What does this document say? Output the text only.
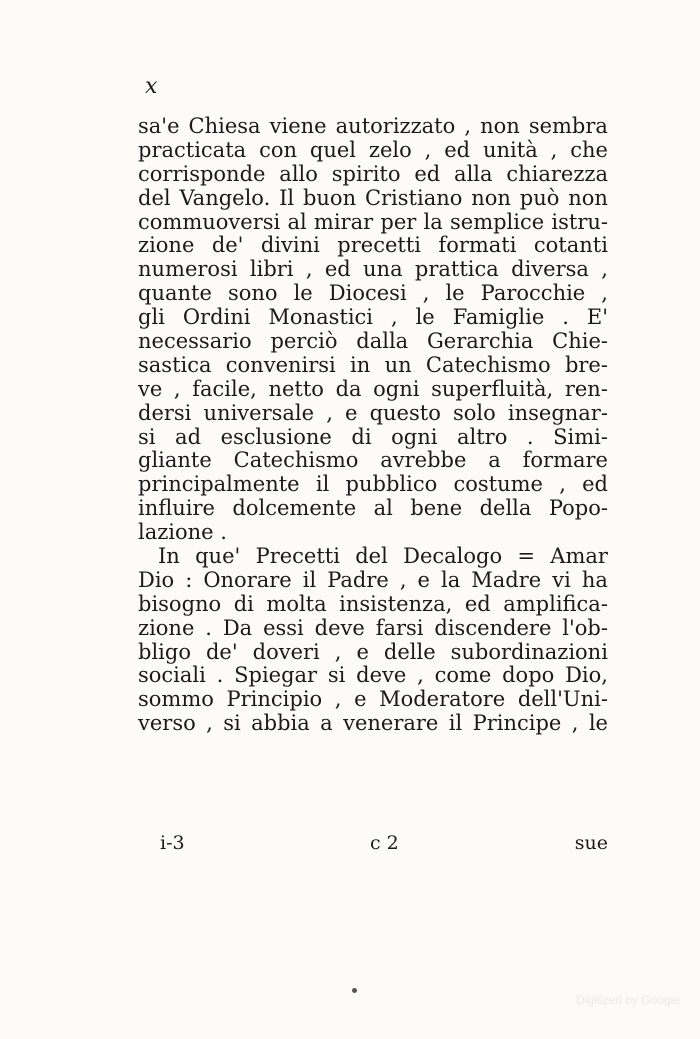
x
sa'e Chiesa viene autorizzato , non sembra
practicata con quel zelo , ed unità , che
corrisponde allo spirito ed alla chiarezza
del Vangelo. Il buon Cristiano non può non
commuoversi al mirar per la semplice istru-
zione de' divini precetti formati cotanti
numerosi libri , ed una prattica diversa ,
quante sono le Diocesi , le Parocchie ,
gli Ordini Monastici , le Famiglie . E'
necessario perciò dalla Gerarchia Chie-
sastica convenirsi in un Catechismo bre-
ve , facile, netto da ogni superfluità, ren-
dersi universale , e questo solo insegnar-
si ad esclusione di ogni altro . Simi-
gliante Catechismo avrebbe a formare
principalmente il pubblico costume , ed
influire dolcemente al bene della Popo-
lazione .
In que' Precetti del Decalogo = Amar
Dio : Onorare il Padre , e la Madre vi ha
bisogno di molta insistenza, ed amplifica-
zione . Da essi deve farsi discendere l'ob-
bligo de' doveri , e delle subordinazioni
sociali . Spiegar si deve , come dopo Dio,
sommo Principio , e Moderatore dell'Uni-
verso , si abbia a venerare il Principe , le
i-3	c 2	sue
Digitized by Google
